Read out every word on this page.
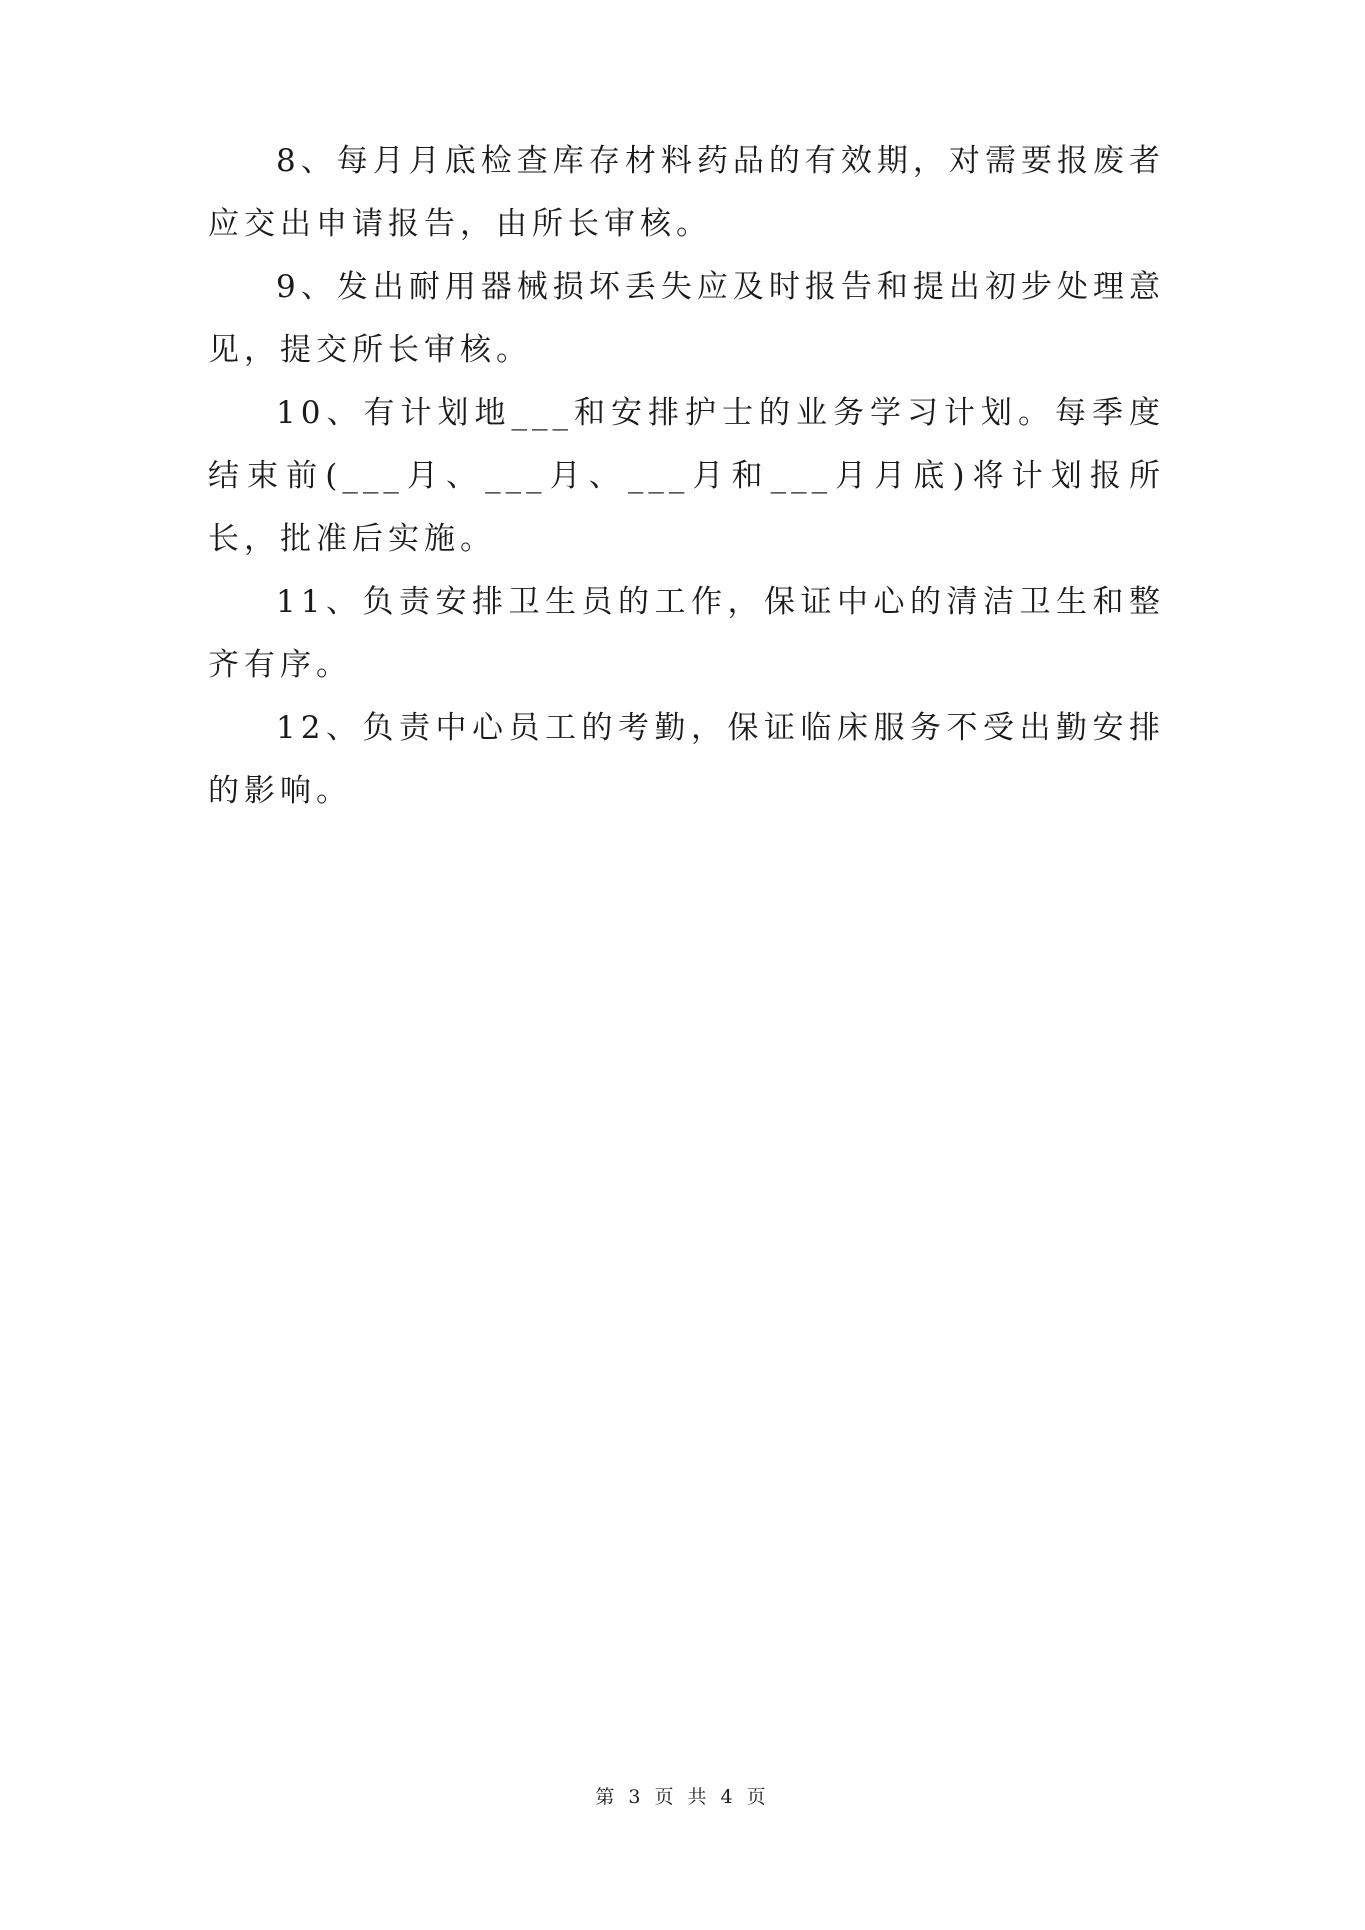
8、每月月底检查库存材料药品的有效期，对需要报废者应交出申请报告，由所长审核。

9、发出耐用器械损坏丢失应及时报告和提出初步处理意见，提交所长审核。

10、有计划地___和安排护士的业务学习计划。每季度结束前(___月、___月、___月和___月月底)将计划报所长，批准后实施。

11、负责安排卫生员的工作，保证中心的清洁卫生和整齐有序。

12、负责中心员工的考勤，保证临床服务不受出勤安排的影响。

第 3 页 共 4 页
